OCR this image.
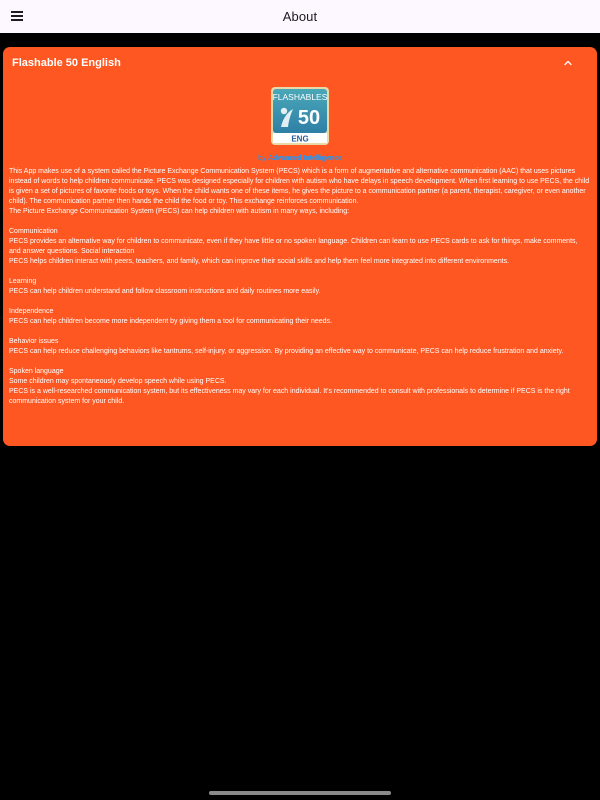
About
Flashable 50 English
FLASHABLES
50
ENG
by Advanced Intelligence

This App makes use of a system called the Picture Exchange Communication System (PECS) which is a form of augmentative and alternative communication (AAC) that uses pictures instead of words to help children communicate. PECS was designed especially for children with autism who have delays in speech development. When first learning to use PECS, the child is given a set of pictures of favorite foods or toys. When the child wants one of these items, he gives the picture to a communication partner (a parent, therapist, caregiver, or even another child). The communication partner then hands the child the food or toy. This exchange reinforces communication.

The Picture Exchange Communication System (PECS) can help children with autism in many ways, including:

Communication

PECS provides an alternative way for children to communicate, even if they have little or no spoken language. Children can learn to use PECS cards to ask for things, make comments, and answer questions. Social interaction

PECS helps children interact with peers, teachers, and family, which can improve their social skills and help them feel more integrated into different environments.

Learning

PECS can help children understand and follow classroom instructions and daily routines more easily.

Independence

PECS can help children become more independent by giving them a tool for communicating their needs.

Behavior issues

PECS can help reduce challenging behaviors like tantrums, self-injury, or aggression. By providing an effective way to communicate, PECS can help reduce frustration and anxiety.

Spoken language

Some children may spontaneously develop speech while using PECS.

PECS is a well-researched communication system, but its effectiveness may vary for each individual. It's recommended to consult with professionals to determine if PECS is the right communication system for your child.
